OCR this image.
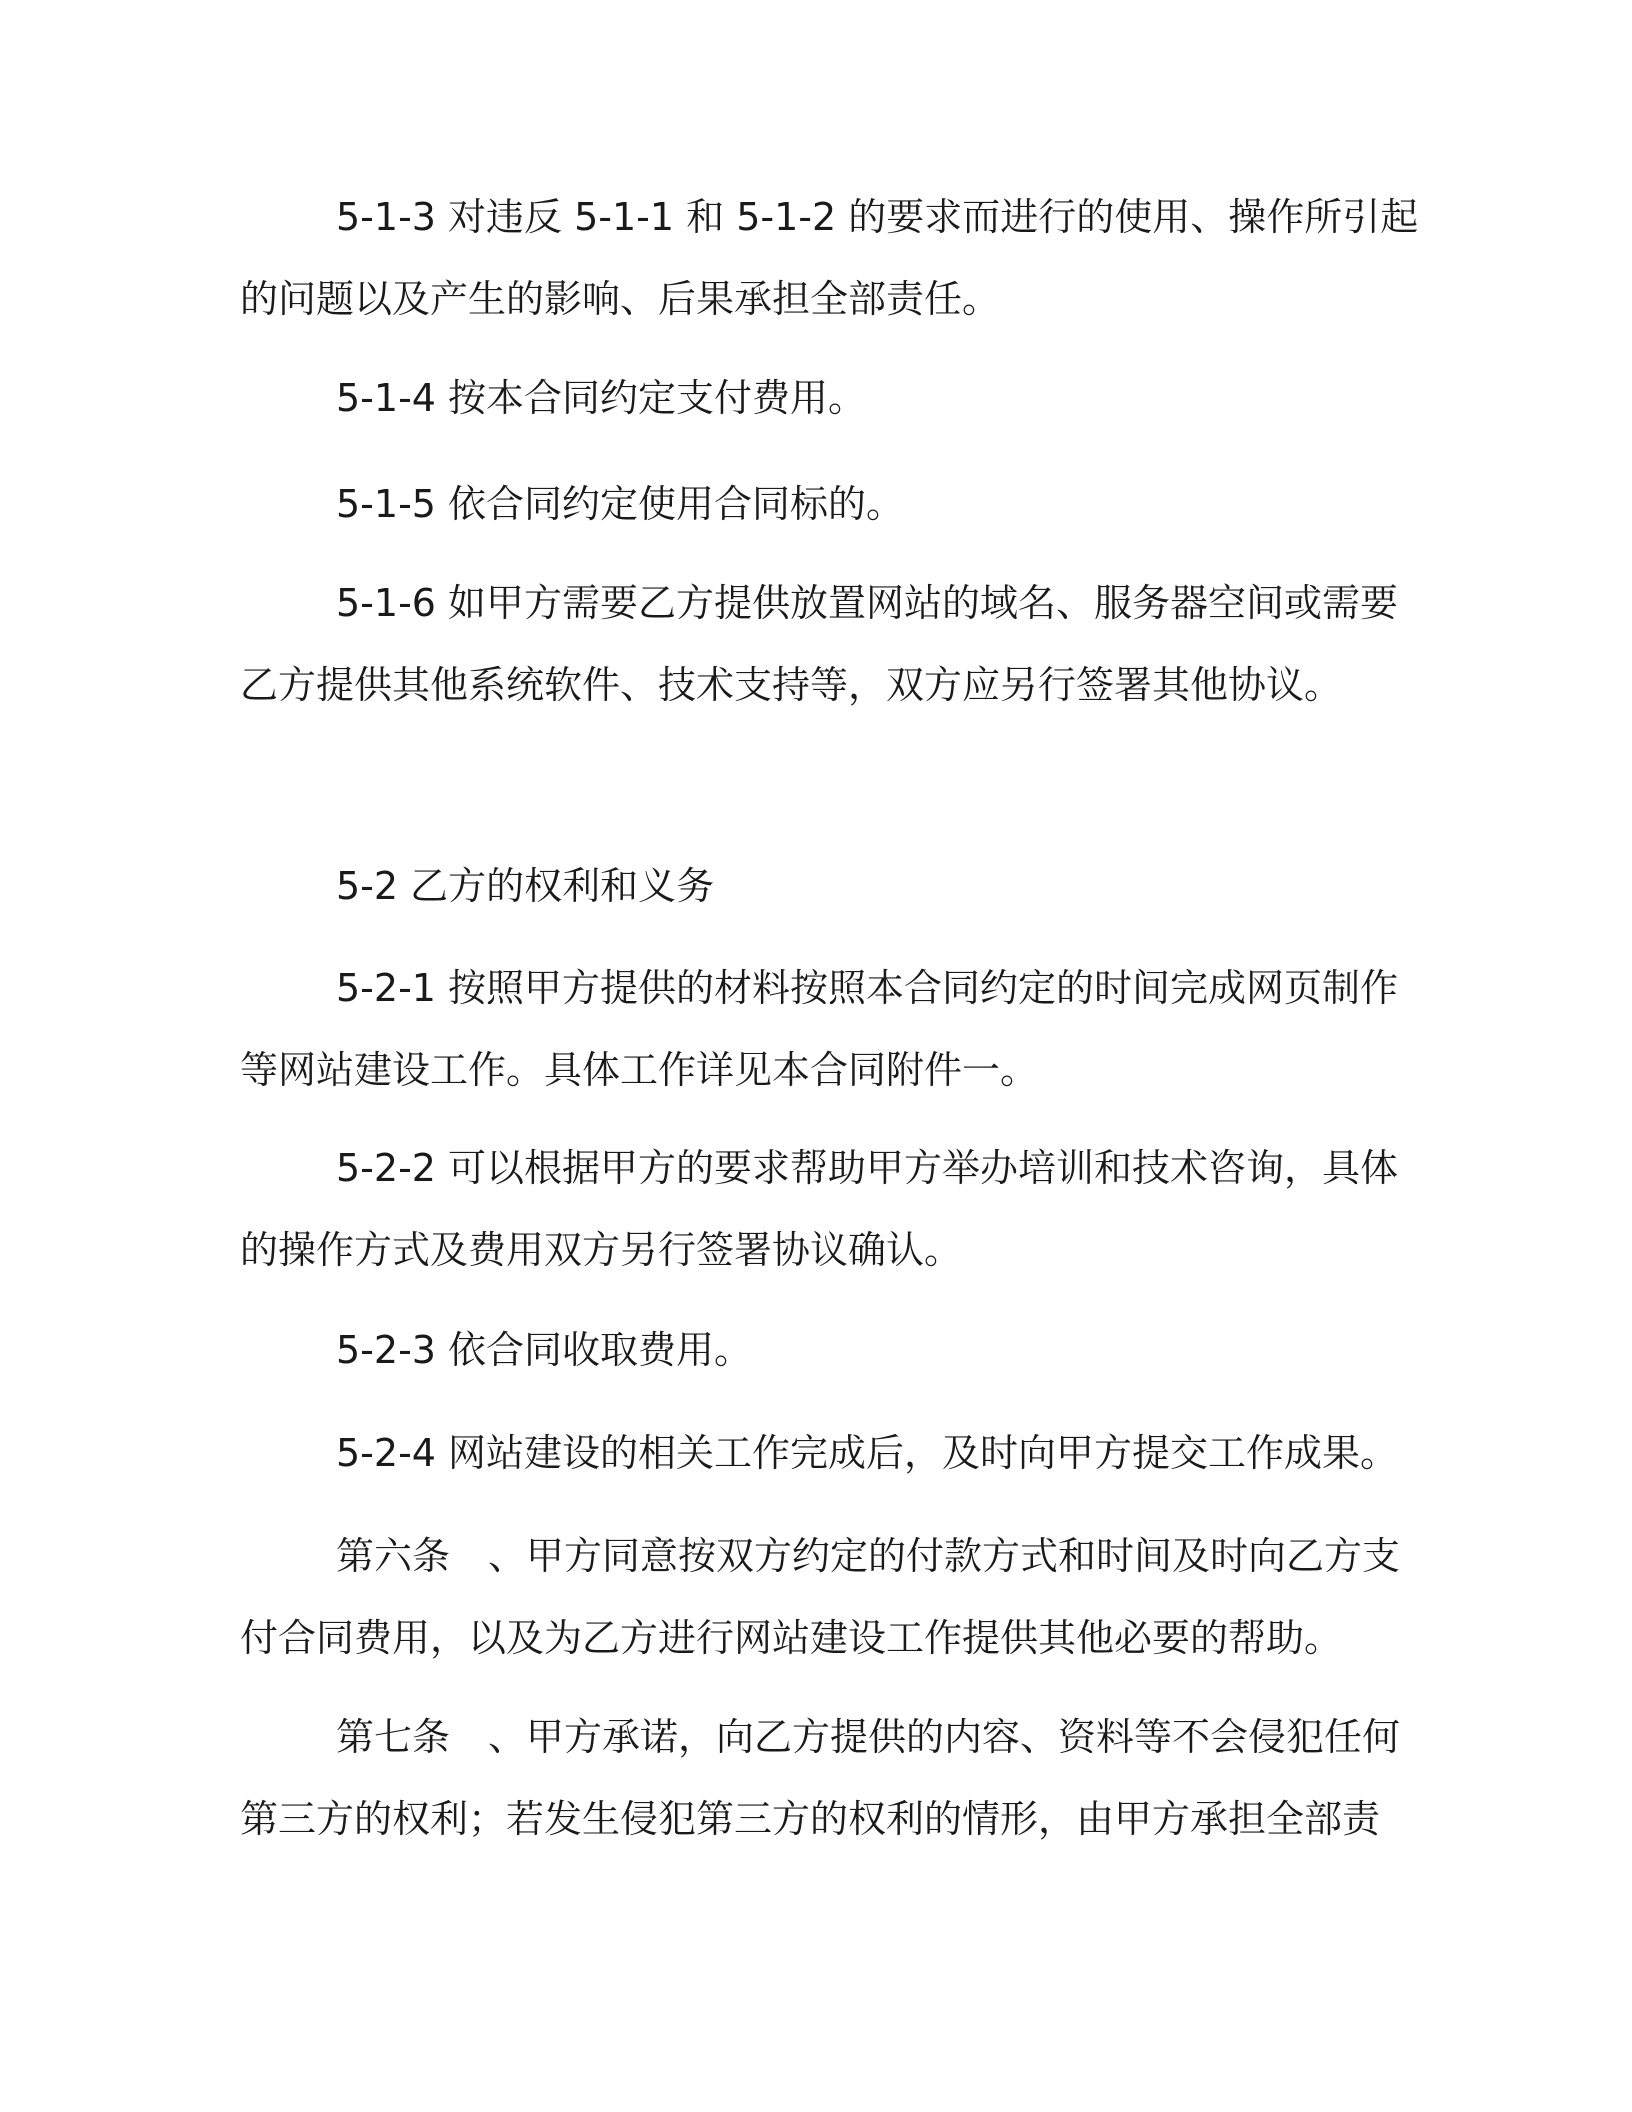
5-1-3 对违反 5-1-1 和 5-1-2 的要求而进行的使用、操作所引起
的问题以及产生的影响、后果承担全部责任。
5-1-4 按本合同约定支付费用。
5-1-5 依合同约定使用合同标的。
5-1-6 如甲方需要乙方提供放置网站的域名、服务器空间或需要
乙方提供其他系统软件、技术支持等，双方应另行签署其他协议。
5-2 乙方的权利和义务
5-2-1 按照甲方提供的材料按照本合同约定的时间完成网页制作
等网站建设工作。具体工作详见本合同附件一。
5-2-2 可以根据甲方的要求帮助甲方举办培训和技术咨询，具体
的操作方式及费用双方另行签署协议确认。
5-2-3 依合同收取费用。
5-2-4 网站建设的相关工作完成后，及时向甲方提交工作成果。
第六条　、甲方同意按双方约定的付款方式和时间及时向乙方支
付合同费用，以及为乙方进行网站建设工作提供其他必要的帮助。
第七条　、甲方承诺，向乙方提供的内容、资料等不会侵犯任何
第三方的权利；若发生侵犯第三方的权利的情形，由甲方承担全部责
